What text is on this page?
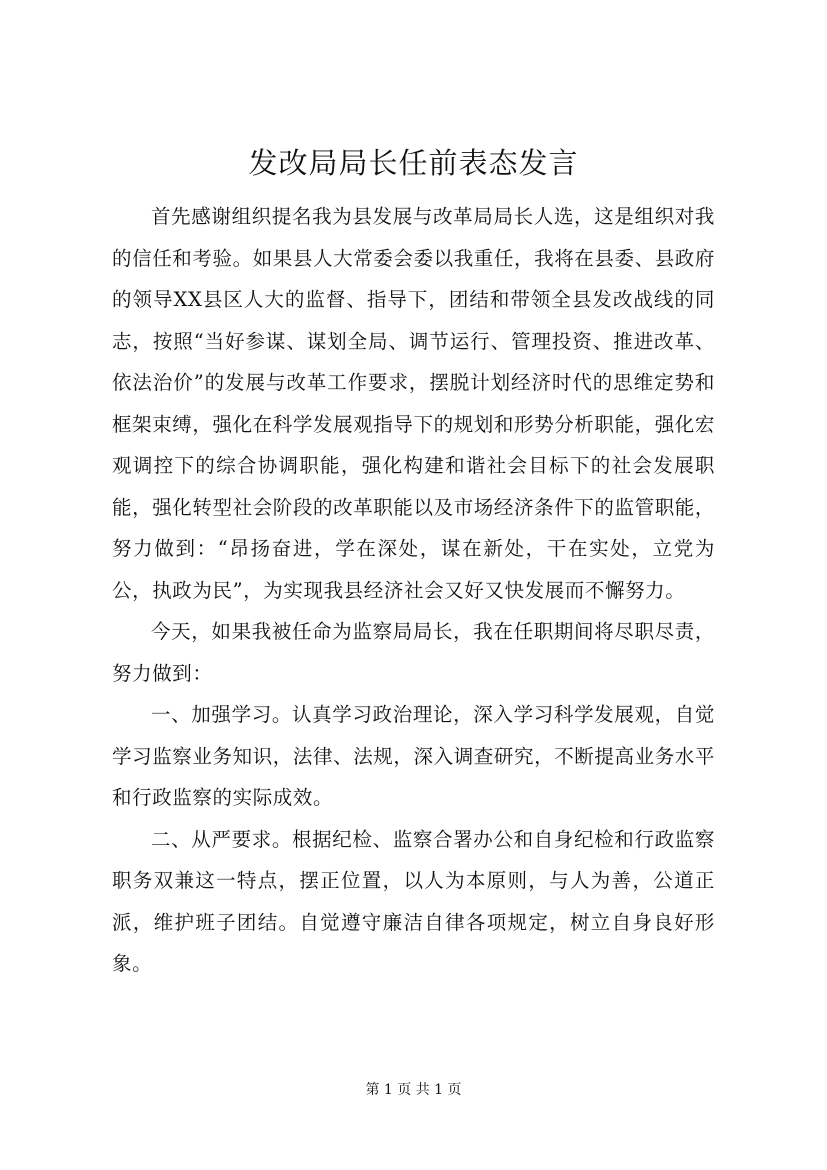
发改局局长任前表态发言

首先感谢组织提名我为县发展与改革局局长人选，这是组织对我的信任和考验。如果县人大常委会委以我重任，我将在县委、县政府的领导XX县区人大的监督、指导下，团结和带领全县发改战线的同志，按照“当好参谋、谋划全局、调节运行、管理投资、推进改革、依法治价”的发展与改革工作要求，摆脱计划经济时代的思维定势和框架束缚，强化在科学发展观指导下的规划和形势分析职能，强化宏观调控下的综合协调职能，强化构建和谐社会目标下的社会发展职能，强化转型社会阶段的改革职能以及市场经济条件下的监管职能，努力做到：“昂扬奋进，学在深处，谋在新处，干在实处，立党为公，执政为民”，为实现我县经济社会又好又快发展而不懈努力。

今天，如果我被任命为监察局局长，我在任职期间将尽职尽责，努力做到：

一、加强学习。认真学习政治理论，深入学习科学发展观，自觉学习监察业务知识，法律、法规，深入调查研究，不断提高业务水平和行政监察的实际成效。

二、从严要求。根据纪检、监察合署办公和自身纪检和行政监察职务双兼这一特点，摆正位置，以人为本原则，与人为善，公道正派，维护班子团结。自觉遵守廉洁自律各项规定，树立自身良好形象。

第 1 页 共 1 页
